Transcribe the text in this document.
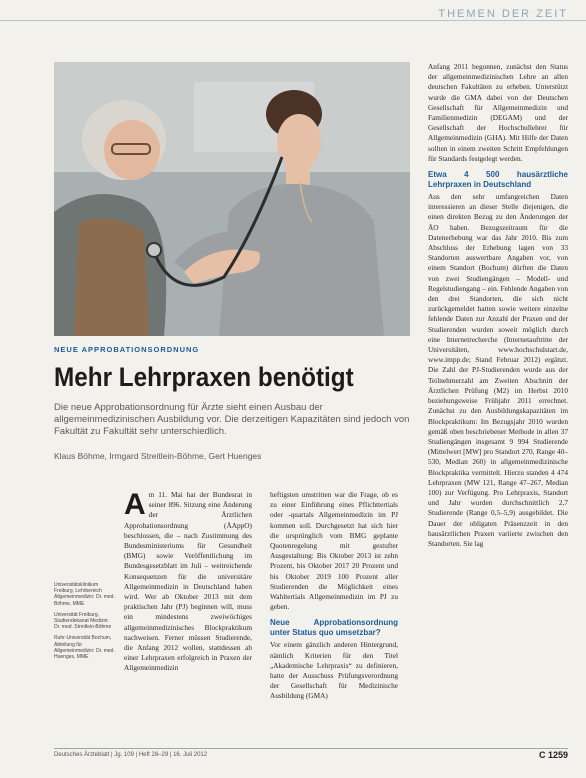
THEMEN DER ZEIT

Anfang 2011 begonnen, zunächst den Status der allgemeinmedizinischen Lehre an allen deutschen Fakultäten zu erheben. Unterstützt wurde die GMA dabei von der Deutschen Gesellschaft für Allgemeinmedizin und Familienmedizin (DEGAM) und der Gesellschaft der Hochschullehrer für Allgemeinmedizin (GHA). Mit Hilfe der Daten sollten in einem zweiten Schritt Empfehlungen für Standards festgelegt werden.

Etwa 4 500 hausärztliche Lehrpraxen in Deutschland

Aus den sehr umfangreichen Daten interessieren an dieser Stelle diejenigen, die einen direkten Bezug zu den Änderungen der ÄO haben. Bezugszeitraum für die Datenerhebung war das Jahr 2010. Bis zum Abschluss der Erhebung lagen von 33 Standorten auswertbare Angaben vor, von einem Standort (Bochum) dürften die Daten von zwei Studiengängen – Modell- und Regelstudiengang – ein. Fehlende Angaben von den drei Standorten, die sich nicht zurückgemeldet hatten sowie weitere einzelne fehlende Daten zur Anzahl der Praxen und der Studierenden wurden soweit möglich durch eine Internetrecherche (Internetauftritte der Universitäten, www.hochschulstart.de, www.impp.de; Stand Februar 2012) ergänzt. Die Zahl der PJ-Studierenden wurde aus der Teilnehmerzahl am Zweiten Abschnitt der Ärztlichen Prüfung (M2) im Herbst 2010 beziehungsweise Frühjahr 2011 errechnet. Zunächst zu den Ausbildungskapazitäten im Blockpraktikum: Im Bezugsjahr 2010 wurden gemäß oben beschriebener Methode in allen 37 Studiengängen insgesamt 9 994 Studierende (Mittelwert [MW] pro Standort 270, Range 40–530, Median 260) in allgemeinmedizinische Blockpraktika vermittelt. Hierzu standen 4 474 Lehrpraxen (MW 121, Range 47–267, Median 100) zur Verfügung. Pro Lehrpraxis, Standort und Jahr wurden durchschnittlich 2,7 Studierende (Range 0,5–5,9) ausgebildet. Die Dauer der obligaten Präsenzzeit in den hausärztlichen Praxen variierte zwischen den Standorten. Sie lag

NEUE APPROBATIONSORDNUNG
Mehr Lehrpraxen benötigt
Die neue Approbationsordnung für Ärzte sieht einen Ausbau der allgemeinmedizinischen Ausbildung vor. Die derzeitigen Kapazitäten sind jedoch von Fakultät zu Fakultät sehr unterschiedlich.
Klaus Böhme, Irmgard Streitlein-Böhme, Gert Huenges

Universitätsklinikum Freiburg, Lehrbereich Allgemeinmedizin: Dr. med. Böhme, MME

Universität Freiburg, Studiendekanat Medizin: Dr. med. Streitlein-Böhme

Ruhr-Universität Bochum, Abteilung für Allgemeinmedizin: Dr. med. Huenges, MME

A m 11. Mai hat der Bundesrat in seiner 896. Sitzung eine Änderung der Ärztlichen Approbationsordnung (ÄAppO) beschlossen, die – nach Zustimmung des Bundesministeriums für Gesundheit (BMG) sowie Veröffentlichung im Bundesgesetzblatt im Juli – weitreichende Konsequenzen für die universitäre Allgemeinmedizin in Deutschland haben wird. Wer ab Oktober 2013 mit dem praktischen Jahr (PJ) beginnen will, muss ein mindestens zweiwöchiges allgemeinmedizinisches Blockpraktikum nachweisen. Ferner müssen Studierende, die Anfang 2012 wollen, stattdessen ab einer Lehrpraxen erfolgreich in Praxen der Allgemeinmedizin

heftigsten umstritten war die Frage, ob es zu einer Einführung eines Pflichttertials oder -quartals Allgemeinmedizin im PJ kommen soll. Durchgesetzt hat sich hier die ursprünglich vom BMG geplante Quotenregelung mit gestufter Ausgestaltung: Bis Oktober 2013 ist zehn Prozent, bis Oktober 2017 20 Prozent und bis Oktober 2019 100 Prozent aller Studierenden die Möglichkeit eines Wahltertials Allgemeinmedizin im PJ zu geben.

Neue Approbationsordnung unter Status quo umsetzbar?

Vor einem gänzlich anderen Hintergrund, nämlich Kriterien für den Titel „Akademische Lehrpraxis“ zu definieren, hatte der Ausschuss Prüfungsverordnung der Gesellschaft für Medizinische Ausbildung (GMA)

Deutsches Ärzteblatt | Jg. 109 | Heft 28–29 | 16. Juli 2012	C 1259
